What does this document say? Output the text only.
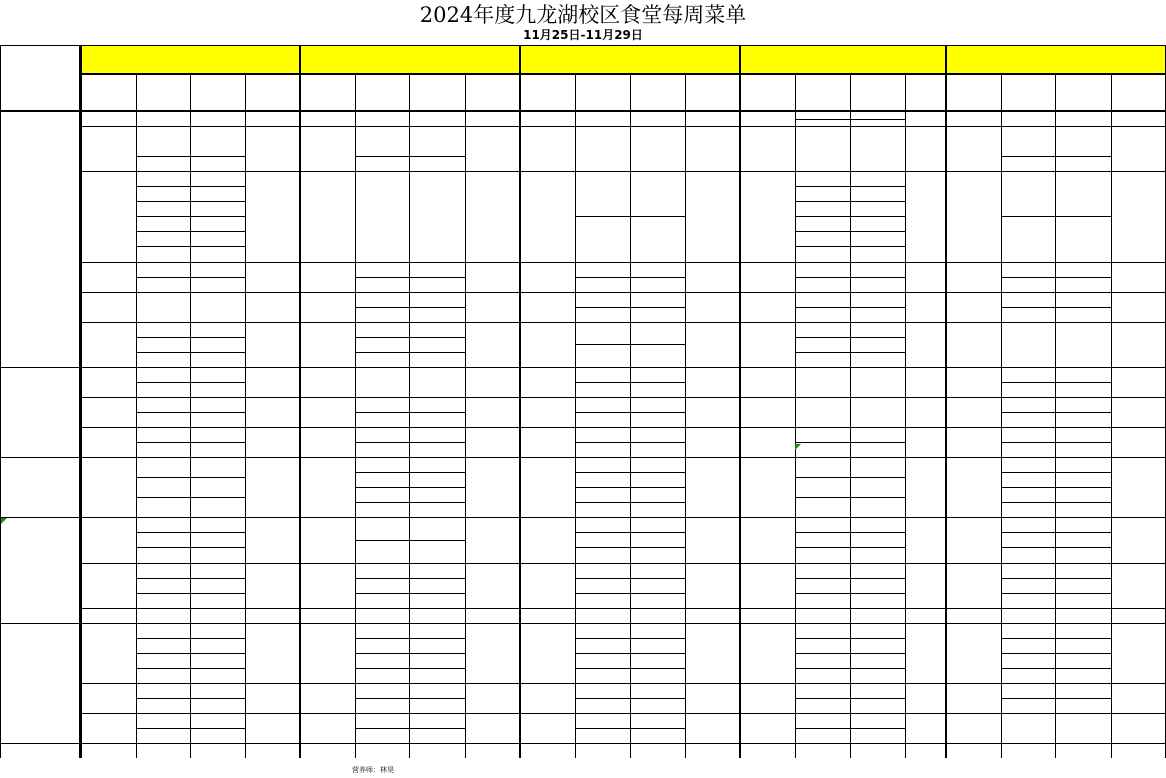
2024年度九龙湖校区食堂每周菜单
11月25日-11月29日
营养师：林昊
